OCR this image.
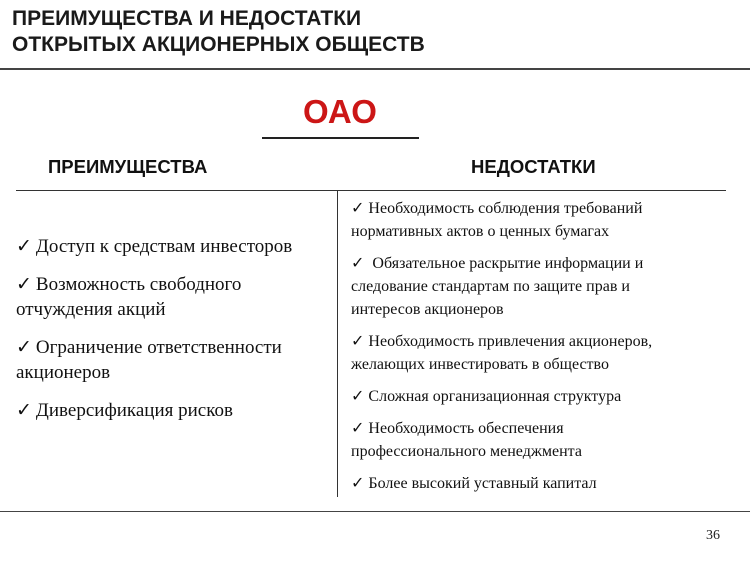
ПРЕИМУЩЕСТВА И НЕДОСТАТКИ
ОТКРЫТЫХ АКЦИОНЕРНЫХ ОБЩЕСТВ
ОАО
ПРЕИМУЩЕСТВА	НЕДОСТАТКИ
✓ Доступ к средствам инвесторов
✓ Возможность свободного
отчуждения акций
✓ Ограничение ответственности
акционеров
✓ Диверсификация рисков
✓ Необходимость соблюдения требований
нормативных актов о ценных бумагах
✓ Обязательное раскрытие информации и
следование стандартам по защите прав и
интересов акционеров
✓ Необходимость привлечения акционеров,
желающих инвестировать в общество
✓ Сложная организационная структура
✓ Необходимость обеспечения
профессионального менеджмента
✓ Более высокий уставный капитал
36
